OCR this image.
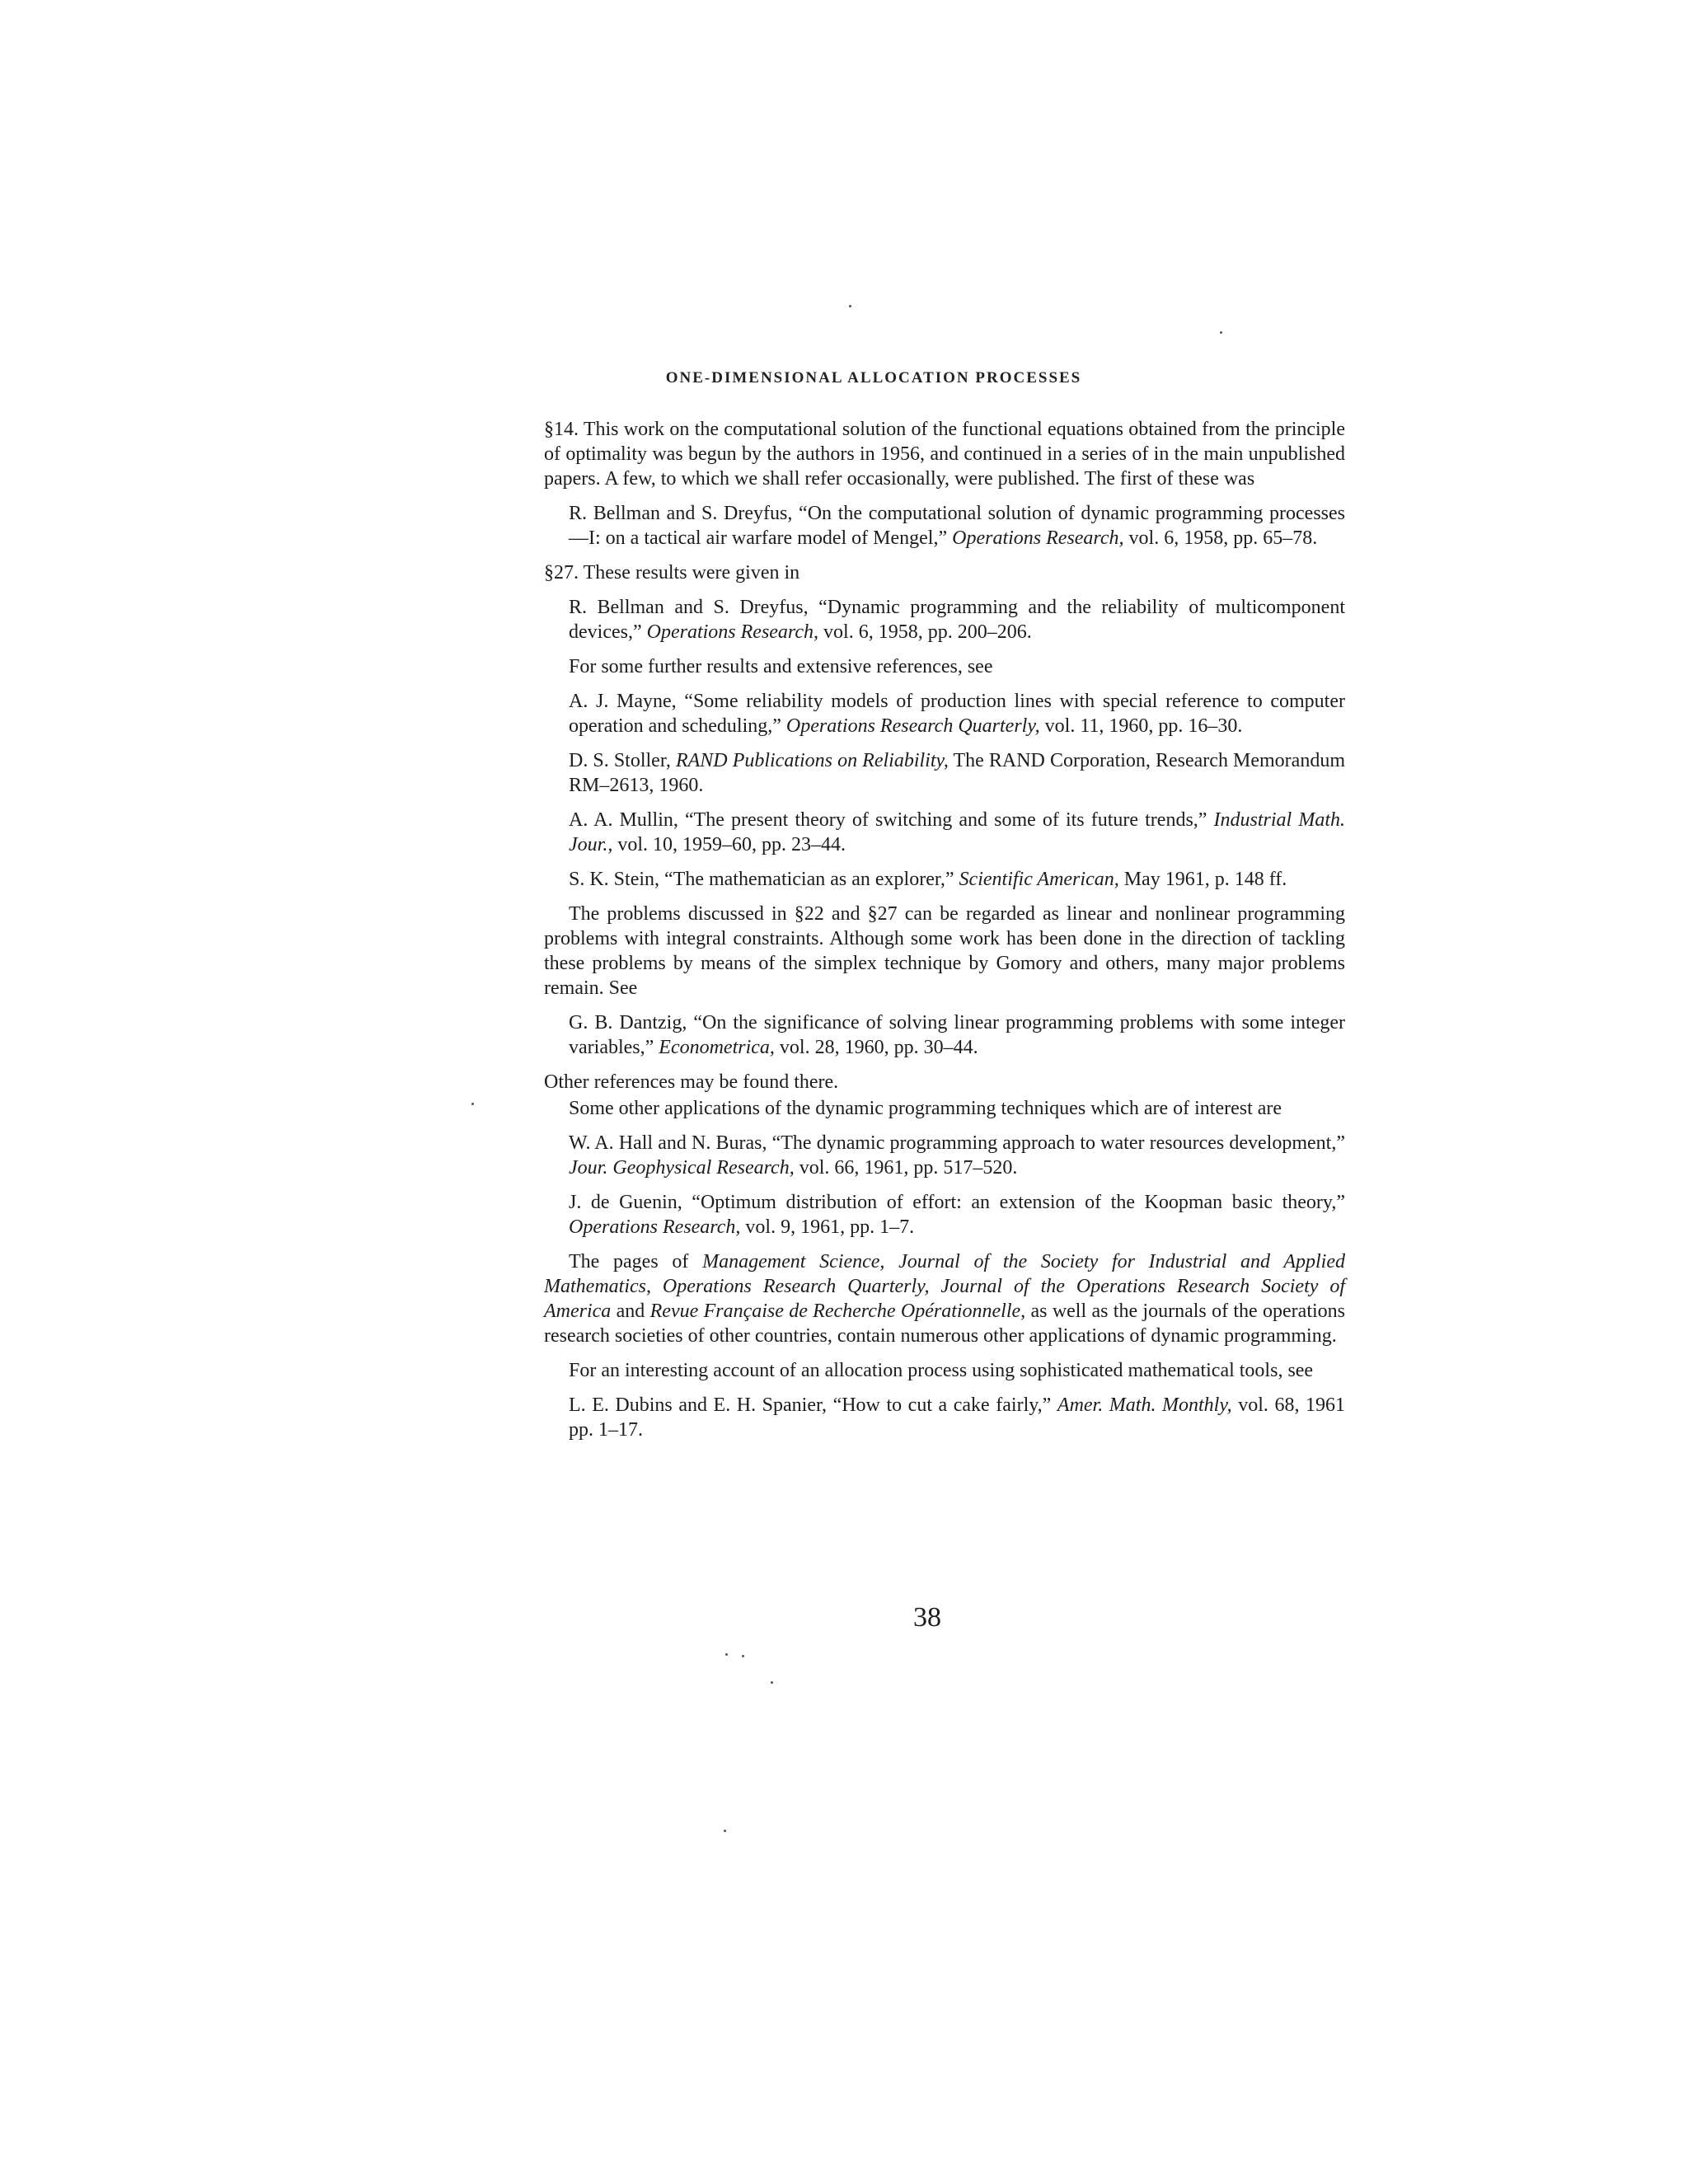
ONE-DIMENSIONAL ALLOCATION PROCESSES

§14. This work on the computational solution of the functional equations obtained from the principle of optimality was begun by the authors in 1956, and continued in a series of in the main unpublished papers. A few, to which we shall refer occasionally, were published. The first of these was

R. Bellman and S. Dreyfus, “On the computational solution of dynamic programming processes—I: on a tactical air warfare model of Mengel,” Operations Research, vol. 6, 1958, pp. 65–78.

§27. These results were given in

R. Bellman and S. Dreyfus, “Dynamic programming and the reliability of multicomponent devices,” Operations Research, vol. 6, 1958, pp. 200–206.

For some further results and extensive references, see

A. J. Mayne, “Some reliability models of production lines with special reference to computer operation and scheduling,” Operations Research Quarterly, vol. 11, 1960, pp. 16–30.

D. S. Stoller, RAND Publications on Reliability, The RAND Corporation, Research Memorandum RM–2613, 1960.

A. A. Mullin, “The present theory of switching and some of its future trends,” Industrial Math. Jour., vol. 10, 1959–60, pp. 23–44.

S. K. Stein, “The mathematician as an explorer,” Scientific American, May 1961, p. 148 ff.

The problems discussed in §22 and §27 can be regarded as linear and nonlinear programming problems with integral constraints. Although some work has been done in the direction of tackling these problems by means of the simplex technique by Gomory and others, many major problems remain. See

G. B. Dantzig, “On the significance of solving linear programming problems with some integer variables,” Econometrica, vol. 28, 1960, pp. 30–44.

Other references may be found there.

Some other applications of the dynamic programming techniques which are of interest are

W. A. Hall and N. Buras, “The dynamic programming approach to water resources development,” Jour. Geophysical Research, vol. 66, 1961, pp. 517–520.

J. de Guenin, “Optimum distribution of effort: an extension of the Koopman basic theory,” Operations Research, vol. 9, 1961, pp. 1–7.

The pages of Management Science, Journal of the Society for Industrial and Applied Mathematics, Operations Research Quarterly, Journal of the Operations Research Society of America and Revue Française de Recherche Opérationnelle, as well as the journals of the operations research societies of other countries, contain numerous other applications of dynamic programming.

For an interesting account of an allocation process using sophisticated mathematical tools, see

L. E. Dubins and E. H. Spanier, “How to cut a cake fairly,” Amer. Math. Monthly, vol. 68, 1961 pp. 1–17.

38
